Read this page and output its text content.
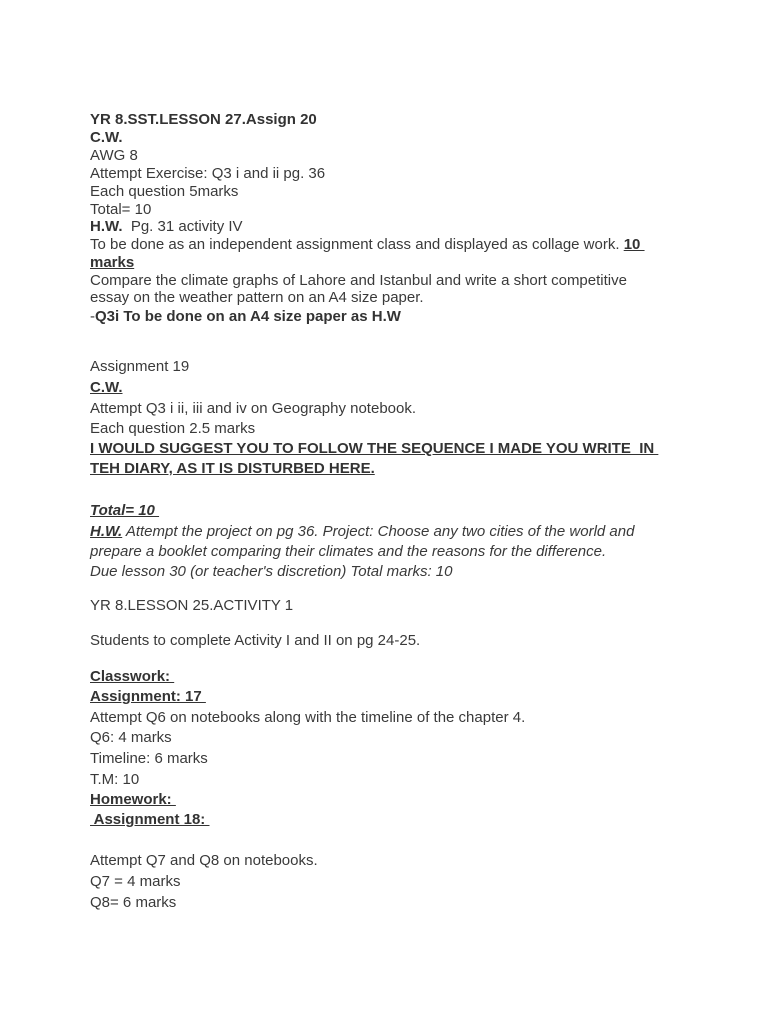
YR 8.SST.LESSON 27.Assign 20
C.W.
AWG 8
Attempt Exercise: Q3 i and ii pg. 36
Each question 5marks
Total= 10
H.W.  Pg. 31 activity IV
To be done as an independent assignment class and displayed as collage work. 10
marks
Compare the climate graphs of Lahore and Istanbul and write a short competitive
essay on the weather pattern on an A4 size paper.
-Q3i To be done on an A4 size paper as H.W
Assignment 19
C.W.
Attempt Q3 i ii, iii and iv on Geography notebook.
Each question 2.5 marks
I WOULD SUGGEST YOU TO FOLLOW THE SEQUENCE I MADE YOU WRITE  IN
TEH DIARY, AS IT IS DISTURBED HERE.
Total= 10
H.W. Attempt the project on pg 36. Project: Choose any two cities of the world and
prepare a booklet comparing their climates and the reasons for the difference.
Due lesson 30 (or teacher's discretion) Total marks: 10
YR 8.LESSON 25.ACTIVITY 1
Students to complete Activity I and II on pg 24-25.
Classwork:
Assignment: 17
Attempt Q6 on notebooks along with the timeline of the chapter 4.
Q6: 4 marks
Timeline: 6 marks
T.M: 10
Homework:
Assignment 18:
Attempt Q7 and Q8 on notebooks.
Q7 = 4 marks
Q8= 6 marks
